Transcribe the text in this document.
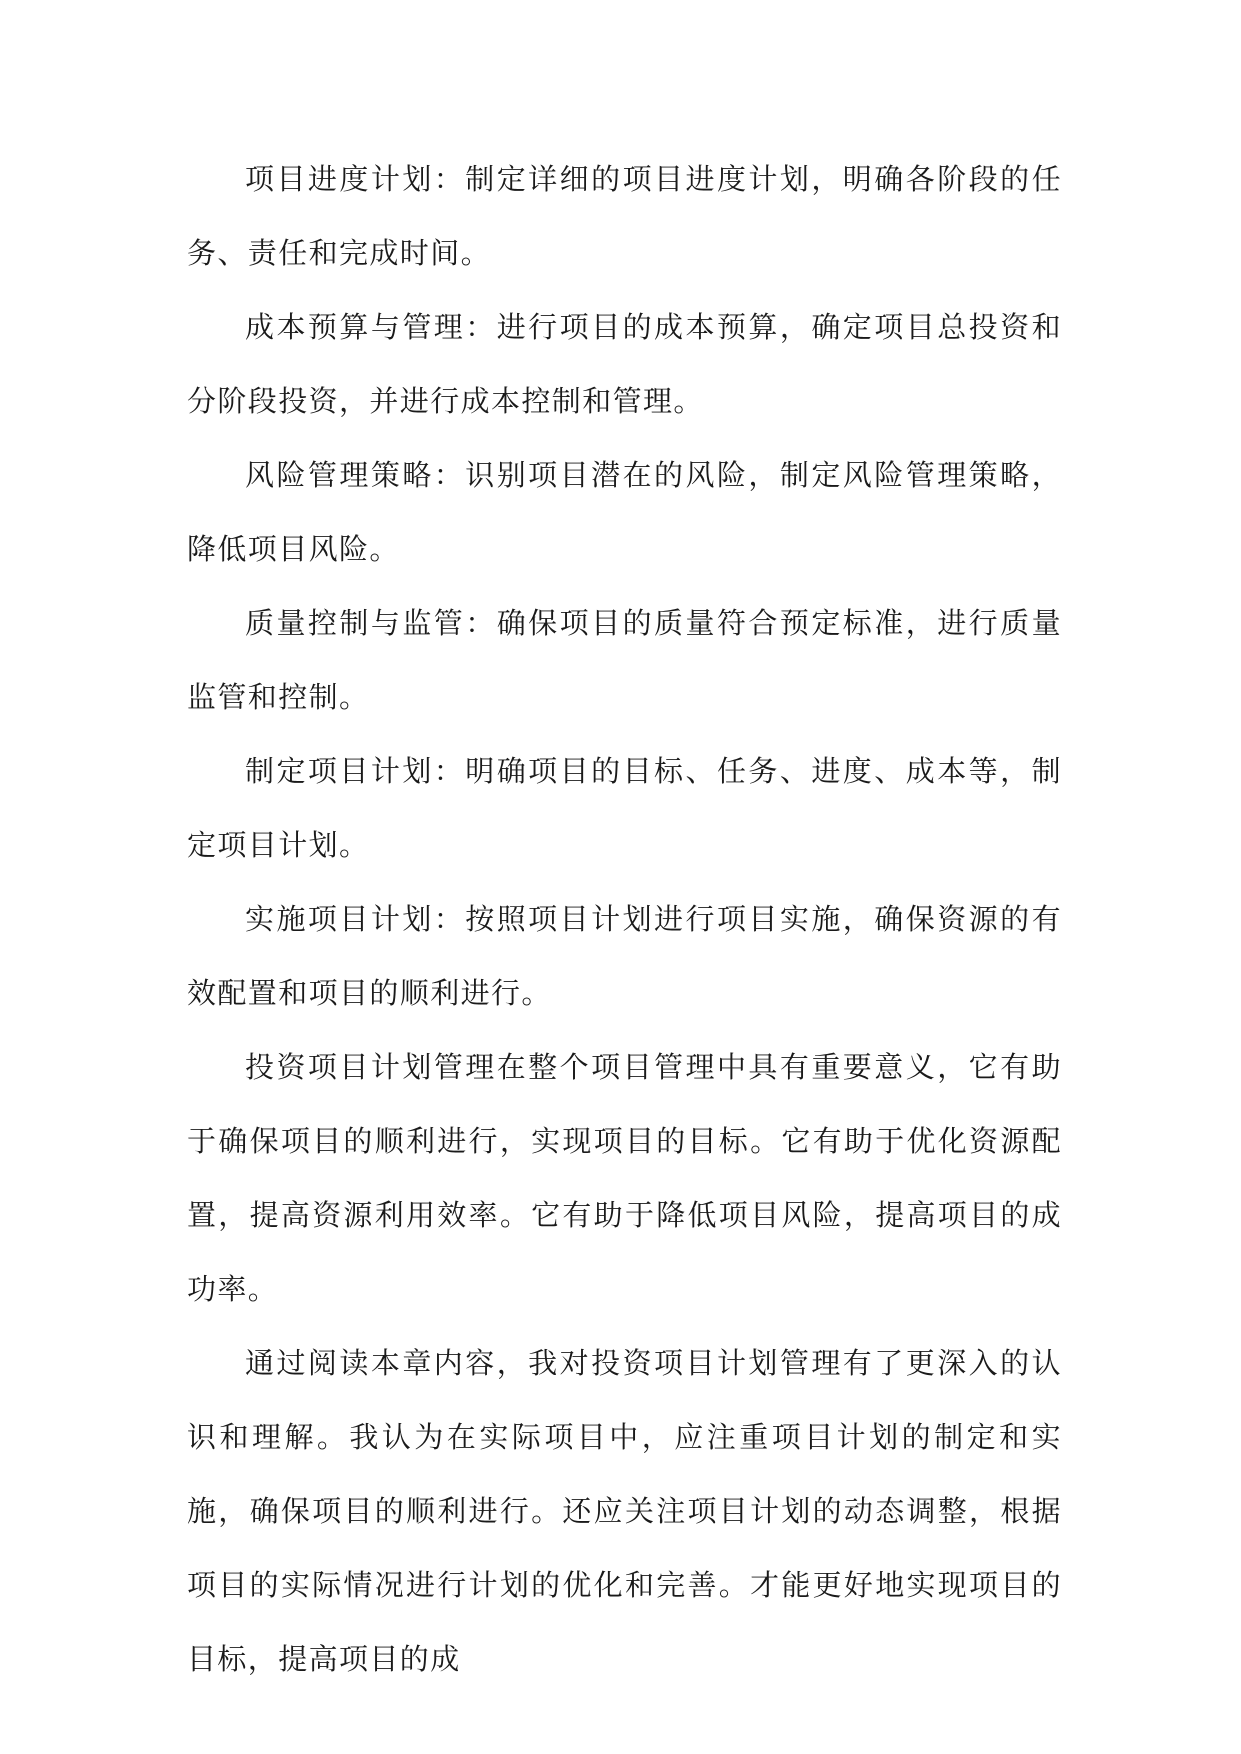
项目进度计划：制定详细的项目进度计划，明确各阶段的任务、责任和完成时间。

成本预算与管理：进行项目的成本预算，确定项目总投资和分阶段投资，并进行成本控制和管理。

风险管理策略：识别项目潜在的风险，制定风险管理策略，降低项目风险。

质量控制与监管：确保项目的质量符合预定标准，进行质量监管和控制。

制定项目计划：明确项目的目标、任务、进度、成本等，制定项目计划。

实施项目计划：按照项目计划进行项目实施，确保资源的有效配置和项目的顺利进行。

投资项目计划管理在整个项目管理中具有重要意义，它有助于确保项目的顺利进行，实现项目的目标。它有助于优化资源配置，提高资源利用效率。它有助于降低项目风险，提高项目的成功率。

通过阅读本章内容，我对投资项目计划管理有了更深入的认识和理解。我认为在实际项目中，应注重项目计划的制定和实施，确保项目的顺利进行。还应关注项目计划的动态调整，根据项目的实际情况进行计划的优化和完善。才能更好地实现项目的目标，提高项目的成
